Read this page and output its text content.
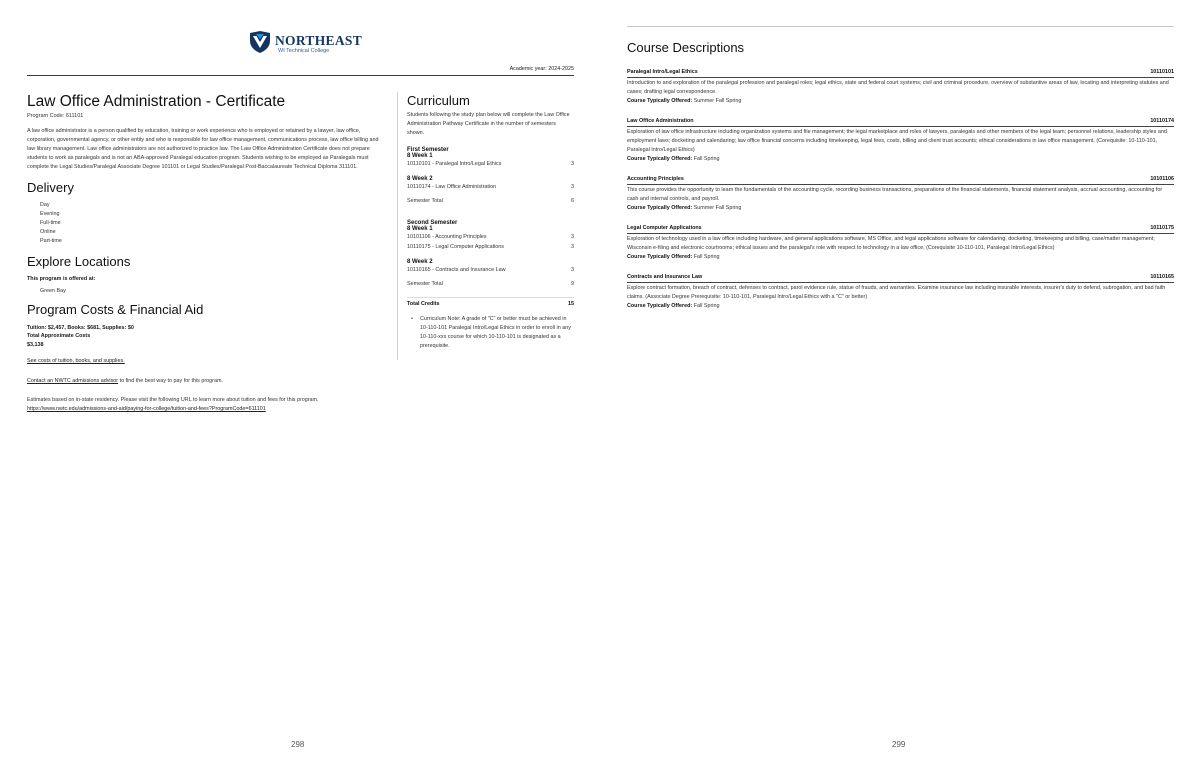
NORTHEAST
WI Technical College
Academic year: 2024-2025
Law Office Administration - Certificate
Program Code: 611101

A law office administrator is a person qualified by education, training or work experience who is employed or retained by a lawyer, law office, corporation, governmental agency, or other entity and who is responsible for law office management, communications process, law office billing and law library management. Law office administrators are not authorized to practice law. The Law Office Administration Certificate does not prepare students to work as paralegals and is not an ABA-approved Paralegal education program. Students wishing to be employed as Paralegals must complete the Legal Studies/Paralegal Associate Degree 101101 or Legal Studies/Paralegal Post-Baccalaureate Technical Diploma 311101.

Delivery
Day
Evening
Full-time
Online
Part-time
Explore Locations
This program is offered at:
Green Bay
Program Costs & Financial Aid
Tuition: $2,457, Books: $681, Supplies: $0
Total Approximate Costs
$3,138
See costs of tuition, books, and supplies.

Contact an NWTC admissions advisor to find the best way to pay for this program.

Estimates based on in-state residency. Please visit the following URL to learn more about tuition and fees for this program.
https://www.nwtc.edu/admissions-and-aid/paying-for-college/tuition-and-fees?ProgramCode=611101

Curriculum

Students following the study plan below will complete the Law Office Administration Pathway Certificate in the number of semesters shown.

First Semester
8 Week 1
10110101 - Paralegal Intro/Legal Ethics	3
8 Week 2
10110174 - Law Office Administration	3
Semester Total	6
Second Semester
8 Week 1
10101106 - Accounting Principles	3
10110175 - Legal Computer Applications	3
8 Week 2
10110165 - Contracts and Insurance Law	3
Semester Total	9
Total Credits	15

• Curriculum Note: A grade of "C" or better must be achieved in 10-110-101 Paralegal Intro/Legal Ethics in order to enroll in any 10-110-xxx course for which 10-110-101 is designated as a prerequisite.

298
Course Descriptions
Paralegal Intro/Legal Ethics	10110101
Introduction to and exploration of the paralegal profession and paralegal roles; legal ethics, state and federal court systems; civil and criminal procedure, overview of substantive areas of law, locating and interpreting statutes and cases; drafting legal correspondence.
Course Typically Offered: Summer Fall Spring
Law Office Administration	10110174
Exploration of law office infrastructure including organization systems and file management; the legal marketplace and roles of lawyers, paralegals and other members of the legal team; personnel relations, leadership styles and employment laws; docketing and calendaring; law office financial concerns including timekeeping, legal fees, costs, billing and client trust accounts; ethical considerations in law office management. (Corequisite: 10-110-101, Paralegal Intro/Legal Ethics)
Course Typically Offered: Fall Spring
Accounting Principles	10101106
This course provides the opportunity to learn the fundamentals of the accounting cycle, recording business transactions, preparations of the financial statements, financial statement analysis, accrual accounting, accounting for cash and internal controls, and payroll.
Course Typically Offered: Summer Fall Spring
Legal Computer Applications	10110175
Exploration of technology used in a law office including hardware, and general applications software, MS Office, and legal applications software for calendaring, docketing, timekeeping and billing, case/matter management; Wisconsin e-filing and electronic courtrooms; ethical issues and the paralegal's role with respect to technology in a law office. (Corequisite 10-110-101, Paralegal Intro/Legal Ethics)
Course Typically Offered: Fall Spring
Contracts and Insurance Law	10110165
Explore contract formation, breach of contract, defenses to contract, parol evidence rule, statue of frauds, and warranties. Examine insurance law including insurable interests, insurer's duty to defend, subrogation, and bad faith claims. (Associate Degree Prerequisite: 10-110-101, Paralegal Intro/Legal Ethics with a "C" or better)
Course Typically Offered: Fall Spring
299
